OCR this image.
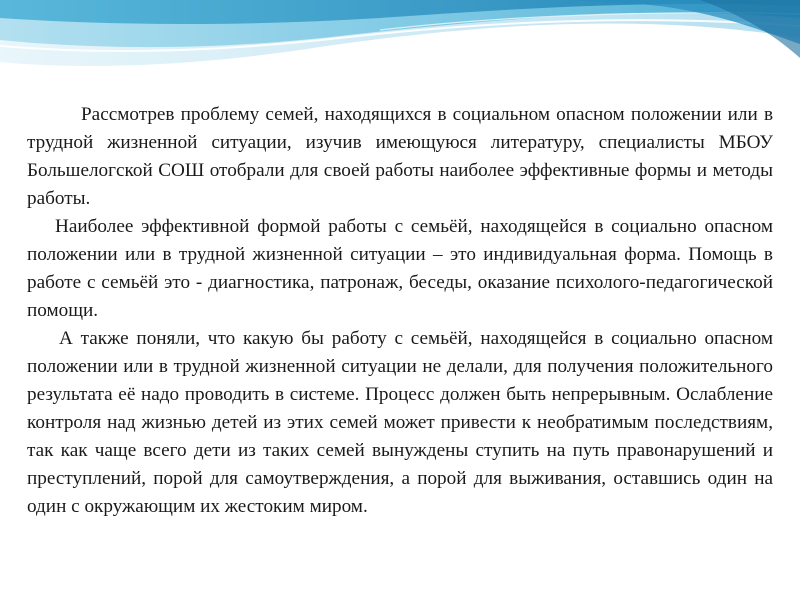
Рассмотрев проблему семей, находящихся в социальном опасном положении или в трудной жизненной ситуации, изучив имеющуюся литературу, специалисты МБОУ Большелогской СОШ отобрали для своей работы наиболее эффективные формы и методы работы.

Наиболее эффективной формой работы с семьёй, находящейся в социально опасном положении или в трудной жизненной ситуации – это индивидуальная форма. Помощь в работе с семьёй это - диагностика, патронаж, беседы, оказание психолого-педагогической помощи.

А также поняли, что какую бы работу с семьёй, находящейся в социально опасном положении или в трудной жизненной ситуации не делали, для получения положительного результата её надо проводить в системе. Процесс должен быть непрерывным. Ослабление контроля над жизнью детей из этих семей может привести к необратимым последствиям, так как чаще всего дети из таких семей вынуждены ступить на путь правонарушений и преступлений, порой для самоутверждения, а порой для выживания, оставшись один на один с окружающим их жестоким миром.
